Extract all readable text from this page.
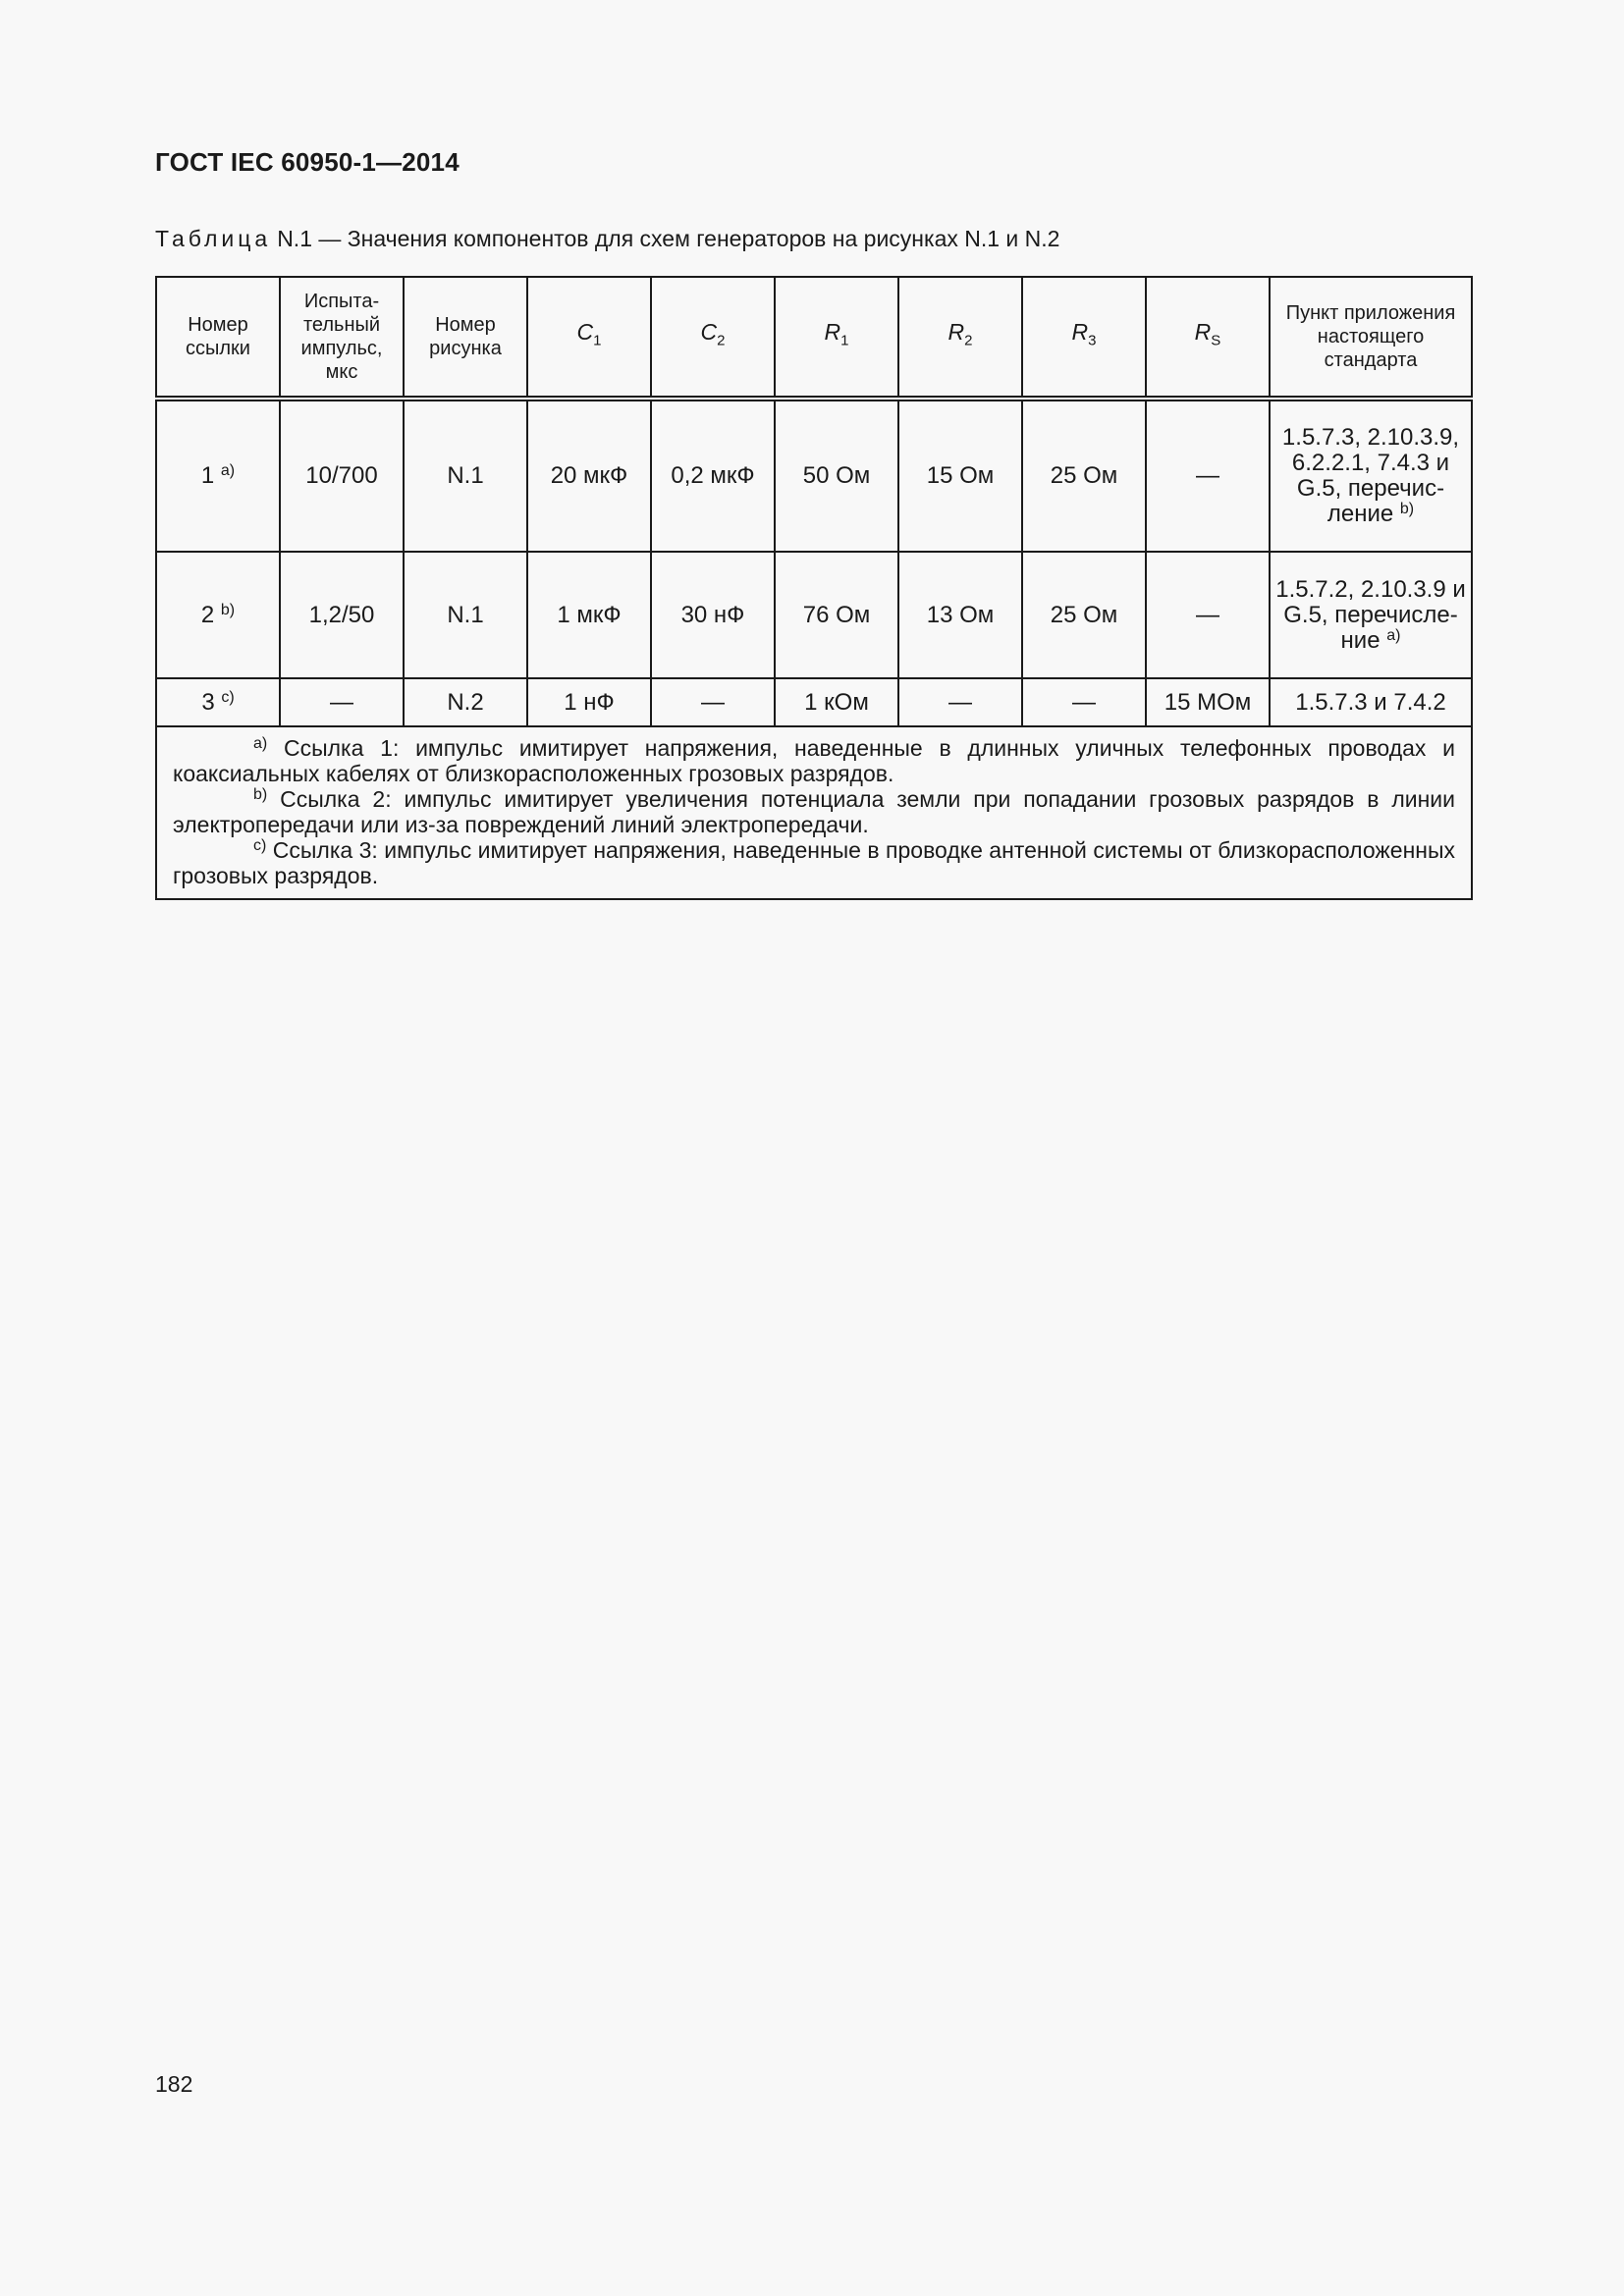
ГОСТ IEC 60950-1—2014
Таблица N.1 — Значения компонентов для схем генераторов на рисунках N.1 и N.2
Номер ссылки	Испыта-тельный импульс, мкс	Номер рисунка	$C_1$	$C_2$	$R_1$	$R_2$	$R_3$	$R_S$	Пункт приложения настоящего стандарта
1 $^{a)}$	10/700	N.1	20 мкФ	0,2 мкФ	50 Ом	15 Ом	25 Ом	—	1.5.7.3, 2.10.3.9, 6.2.2.1, 7.4.3 и G.5, перечис-ление $^{b)}$
2 $^{b)}$	1,2/50	N.1	1 мкФ	30 нФ	76 Ом	13 Ом	25 Ом	—	1.5.7.2, 2.10.3.9 и G.5, перечисле-ние $^{a)}$
3 $^{c)}$	—	N.2	1 нФ	—	1 кОм	—	—	15 МОм	1.5.7.3 и 7.4.2

$^{a)}$ Ссылка 1: импульс имитирует напряжения, наведенные в длинных уличных телефонных проводах и коаксиальных кабелях от близкорасположенных грозовых разрядов.

$^{b)}$ Ссылка 2: импульс имитирует увеличения потенциала земли при попадании грозовых разрядов в линии электропередачи или из-за повреждений линий электропередачи.

$^{c)}$ Ссылка 3: импульс имитирует напряжения, наведенные в проводке антенной системы от близкорасположенных грозовых разрядов.									

182
